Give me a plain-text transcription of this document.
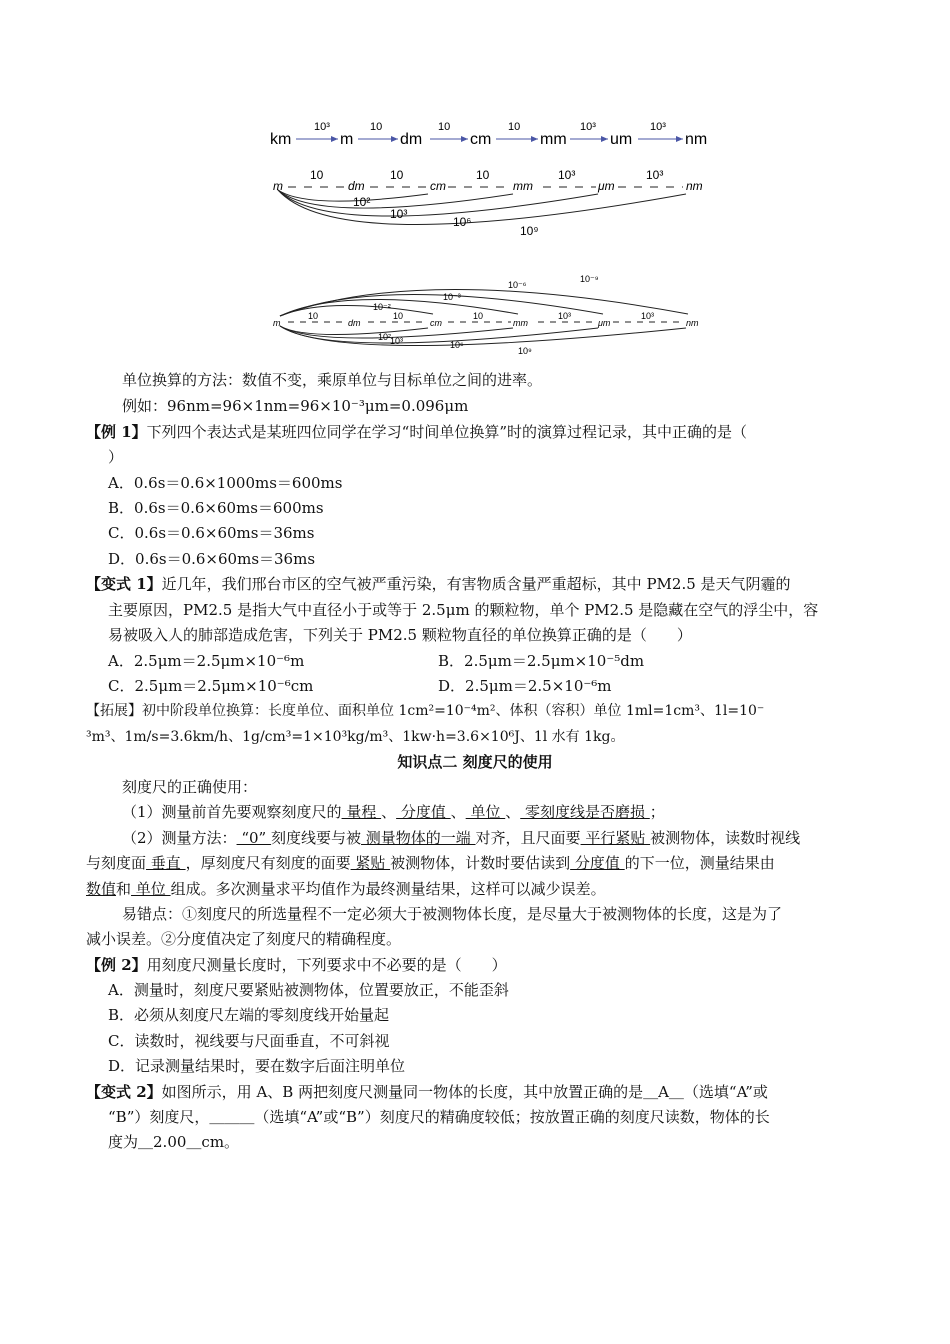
km	m	dm	cm	mm	um	nm
10³	10	10	10	10³	10³
m	dm	cm	mm	μm	nm
10	10	10	10³	10³
10²
10³
10⁶
10⁹
10⁻²
10⁻³
10⁻⁶
10⁻⁹
m	dm	cm	mm	μm	nm
10	10	10	10³	10³
10²
10³	10⁶
10⁹
单位换算的方法：数值不变，乘原单位与目标单位之间的进率。
例如：96nm=96×1nm=96×10⁻³μm=0.096μm
【例 1】下列四个表达式是某班四位同学在学习“时间单位换算”时的演算过程记录，其中正确的是（
）
A．0.6s＝0.6×1000ms＝600ms
B．0.6s＝0.6×60ms＝600ms
C．0.6s＝0.6×60ms＝36ms
D．0.6s＝0.6×60ms＝36ms
【变式 1】近几年，我们邢台市区的空气被严重污染，有害物质含量严重超标，其中 PM2.5 是天气阴霾的
主要原因，PM2.5 是指大气中直径小于或等于 2.5μm 的颗粒物，单个 PM2.5 是隐藏在空气的浮尘中，容
易被吸入人的肺部造成危害，下列关于 PM2.5 颗粒物直径的单位换算正确的是（　　）
A．2.5μm＝2.5μm×10⁻⁶m	B．2.5μm＝2.5μm×10⁻⁵dm
C．2.5μm＝2.5μm×10⁻⁶cm	D．2.5μm＝2.5×10⁻⁶m
【拓展】初中阶段单位换算：长度单位、面积单位 1cm²=10⁻⁴m²、体积（容积）单位 1ml=1cm³、1l=10⁻
³m³、1m/s=3.6km/h、1g/cm³=1×10³kg/m³、1kw·h=3.6×10⁶J、1l 水有 1kg。
知识点二 刻度尺的使用
刻度尺的正确使用：
（1）测量前首先要观察刻度尺的 量程 、 分度值 、 单位 、 零刻度线是否磨损 ；
（2）测量方法： “0” 刻度线要与被 测量物体的一端 对齐，且尺面要 平行紧贴 被测物体，读数时视线
与刻度面 垂直 ，厚刻度尺有刻度的面要 紧贴 被测物体，计数时要估读到 分度值 的下一位，测量结果由
数值和 单位 组成。多次测量求平均值作为最终测量结果，这样可以减少误差。
易错点：①刻度尺的所选量程不一定必须大于被测物体长度，是尽量大于被测物体的长度，这是为了
减小误差。②分度值决定了刻度尺的精确程度。
【例 2】用刻度尺测量长度时，下列要求中不必要的是（　　）
A．测量时，刻度尺要紧贴被测物体，位置要放正，不能歪斜
B．必须从刻度尺左端的零刻度线开始量起
C．读数时，视线要与尺面垂直，不可斜视
D．记录测量结果时，要在数字后面注明单位
【变式 2】如图所示，用 A、B 两把刻度尺测量同一物体的长度，其中放置正确的是＿A＿（选填“A”或
“B”）刻度尺，＿＿＿（选填“A”或“B”）刻度尺的精确度较低；按放置正确的刻度尺读数，物体的长
度为＿2.00＿cm。
